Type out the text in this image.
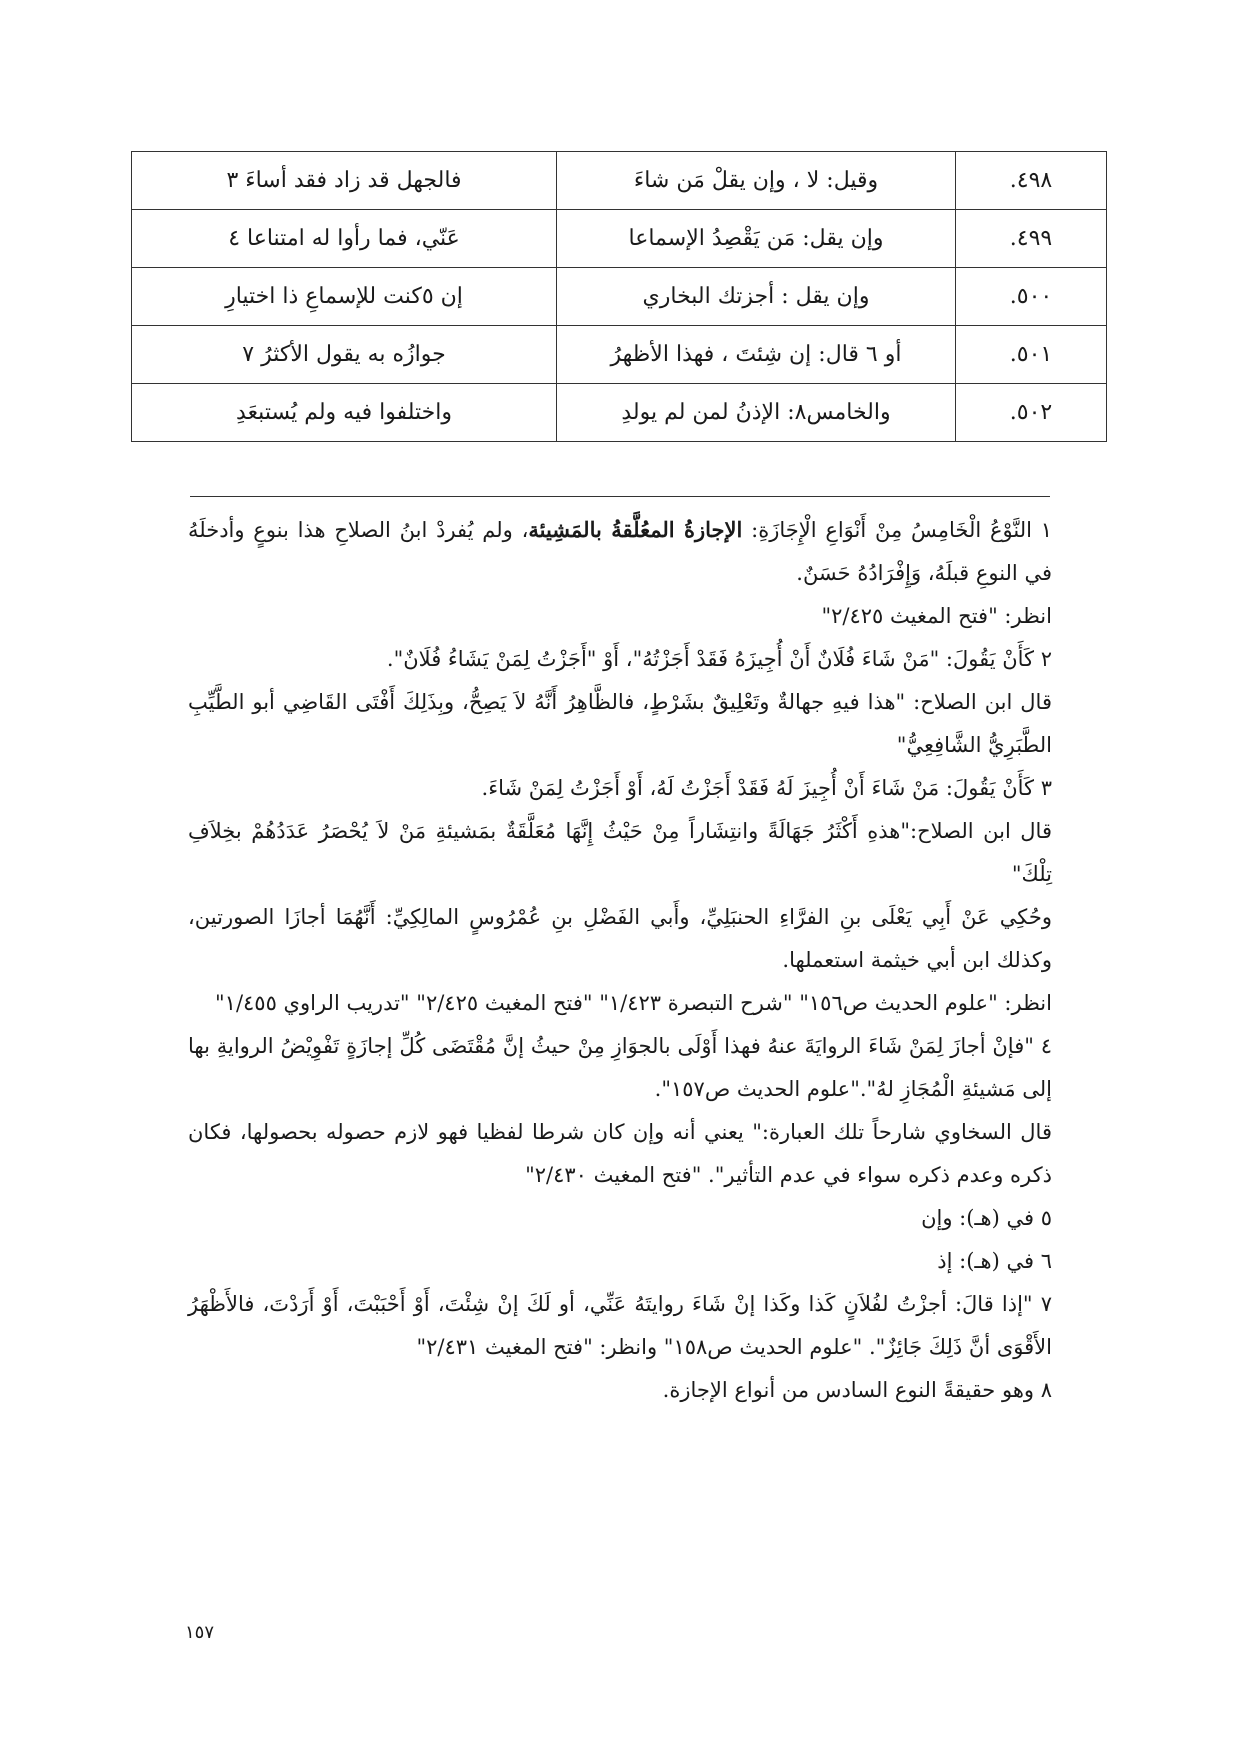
٤٩٨.	وقيل: لا ، وإن يقلْ مَن شاءَ	فالجهل قد زاد فقد أساءَ ٣
٤٩٩.	وإن يقل: مَن يَقْصِدُ الإسماعا	عَنّي، فما رأوا له امتناعا ٤
٥٠٠.	وإن يقل : أجزتك البخاري	إن ٥كنت للإسماعِ ذا اختيارِ
٥٠١.	أو ٦ قال: إن شِئتَ ، فهذا الأظهرُ	جوازُه به يقول الأكثرُ ٧
٥٠٢.	والخامس٨: الإذنُ لمن لم يولدِ	واختلفوا فيه ولم يُستبعَدِ

١ النَّوْعُ الْخَامِسُ مِنْ أَنْوَاعِ الْإِجَازَةِ: الإجازةُ المعُلَّقةُ بالمَشِيئة، ولم يُفردْ ابنُ الصلاحِ هذا بنوعٍ وأدخلَهُ في النوعِ قبلَهُ، وَإِفْرَادُهُ حَسَنٌ.

انظر: "فتح المغيث ٢/٤٢٥"

٢ كَأَنْ يَقُولَ: "مَنْ شَاءَ فُلَانٌ أَنْ أُجِيزَهُ فَقَدْ أَجَزْتُهُ"، أَوْ "أَجَزْتُ لِمَنْ يَشَاءُ فُلَانٌ".

قال ابن الصلاح: "هذا فيهِ جهالةٌ وتَعْلِيقٌ بشَرْطٍ، فالظَّاهِرُ أَنَّهُ لاَ يَصِحُّ، وبِذَلِكَ أَفْتَى القَاضِي أبو الطَّيِّبِ الطَّبَرِيُّ الشَّافِعِيُّ"

٣ كَأَنْ يَقُولَ: مَنْ شَاءَ أَنْ أُجِيزَ لَهُ فَقَدْ أَجَزْتُ لَهُ، أَوْ أَجَزْتُ لِمَنْ شَاءَ.

قال ابن الصلاح:"هذهِ أَكْثَرُ جَهَالَةً وانتِشَاراً مِنْ حَيْثُ إِنَّهَا مُعَلَّقَةٌ بمَشيئةِ مَنْ لاَ يُحْصَرُ عَدَدُهُمْ بخِلاَفِ تِلْكَ"

وحُكِي عَنْ أَبِي يَعْلَى بنِ الفرَّاءِ الحنبَلِيِّ، وأَبي الفَضْلِ بنِ عُمْرُوسٍ المالِكِيِّ: أَنَّهُمَا أجازَا الصورتين، وكذلك ابن أبي خيثمة استعملها.

انظر: "علوم الحديث ص١٥٦" "شرح التبصرة ١/٤٢٣" "فتح المغيث ٢/٤٢٥" "تدريب الراوي ١/٤٥٥"

٤ "فإنْ أجازَ لِمَنْ شَاءَ الروايَةَ عنهُ فهذا أَوْلَى بالجوَازِ مِنْ حيثُ إنَّ مُقْتَضَى كُلِّ إجازَةٍ تَفْوِيْضُ الروايةِ بها إلى مَشيئةِ الْمُجَازِ لهُ"."علوم الحديث ص١٥٧".

قال السخاوي شارحاً تلك العبارة:" يعني أنه وإن كان شرطا لفظيا فهو لازم حصوله بحصولها، فكان ذكره وعدم ذكره سواء في عدم التأثير". "فتح المغيث ٢/٤٣٠"

٥ في (هـ): وإن

٦ في (هـ): إذ

٧ "إذا قالَ: أجزْتُ لفُلاَنٍ كَذا وكَذا إنْ شَاءَ روايتَهُ عَنِّي، أو لَكَ إنْ شِئْتَ، أَوْ أَحْبَبْتَ، أَوْ أَرَدْتَ، فالأَظْهَرُ الأَقْوَى أنَّ ذَلِكَ جَائِزٌ". "علوم الحديث ص١٥٨" وانظر: "فتح المغيث ٢/٤٣١"

٨ وهو حقيقةً النوع السادس من أنواع الإجازة.

١٥٧
